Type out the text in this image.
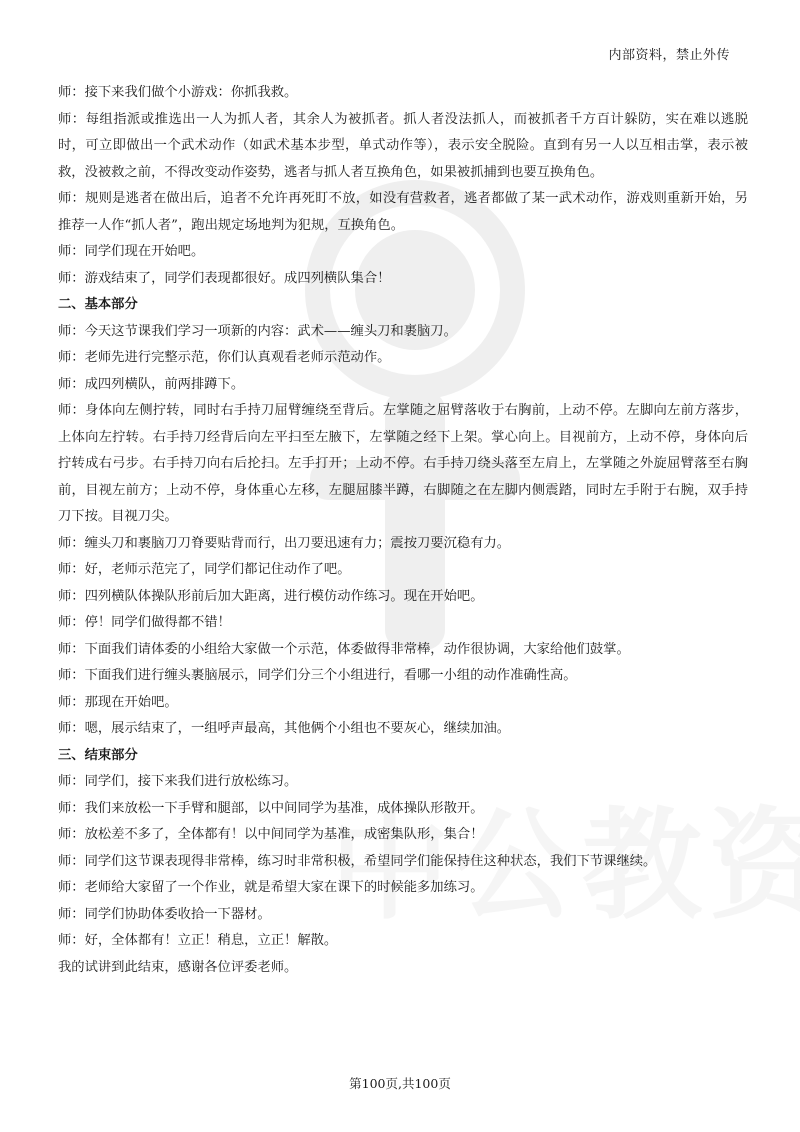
内部资料，禁止外传

师：接下来我们做个小游戏：你抓我救。

师：每组指派或推选出一人为抓人者，其余人为被抓者。抓人者没法抓人，而被抓者千方百计躲防，实在难以逃脱时，可立即做出一个武术动作（如武术基本步型，单式动作等），表示安全脱险。直到有另一人以互相击掌，表示被救，没被救之前，不得改变动作姿势，逃者与抓人者互换角色，如果被抓捕到也要互换角色。

师：规则是逃者在做出后，追者不允许再死盯不放，如没有营救者，逃者都做了某一武术动作，游戏则重新开始，另推荐一人作“抓人者”，跑出规定场地判为犯规，互换角色。

师：同学们现在开始吧。

师：游戏结束了，同学们表现都很好。成四列横队集合！

二、基本部分

师：今天这节课我们学习一项新的内容：武术——缠头刀和裹脑刀。

师：老师先进行完整示范，你们认真观看老师示范动作。

师：成四列横队，前两排蹲下。

师：身体向左侧拧转，同时右手持刀屈臂缠绕至背后。左掌随之屈臂落收于右胸前，上动不停。左脚向左前方落步，上体向左拧转。右手持刀经背后向左平扫至左腋下，左掌随之经下上架。掌心向上。目视前方，上动不停，身体向后拧转成右弓步。右手持刀向右后抡扫。左手打开；上动不停。右手持刀绕头落至左肩上，左掌随之外旋屈臂落至右胸前，目视左前方；上动不停，身体重心左移，左腿屈膝半蹲，右脚随之在左脚内侧震踏，同时左手附于右腕，双手持刀下按。目视刀尖。

师：缠头刀和裹脑刀刀脊要贴背而行，出刀要迅速有力；震按刀要沉稳有力。

师：好，老师示范完了，同学们都记住动作了吧。

师：四列横队体操队形前后加大距离，进行模仿动作练习。现在开始吧。

师：停！同学们做得都不错！

师：下面我们请体委的小组给大家做一个示范，体委做得非常棒，动作很协调，大家给他们鼓掌。

师：下面我们进行缠头裹脑展示，同学们分三个小组进行，看哪一小组的动作准确性高。

师：那现在开始吧。

师：嗯，展示结束了，一组呼声最高，其他俩个小组也不要灰心，继续加油。

三、结束部分

师：同学们，接下来我们进行放松练习。

师：我们来放松一下手臂和腿部，以中间同学为基准，成体操队形散开。

师：放松差不多了，全体都有！以中间同学为基准，成密集队形，集合！

师：同学们这节课表现得非常棒，练习时非常积极，希望同学们能保持住这种状态，我们下节课继续。

师：老师给大家留了一个作业，就是希望大家在课下的时候能多加练习。

师：同学们协助体委收拾一下器材。

师：好，全体都有！立正！稍息，立正！解散。

我的试讲到此结束，感谢各位评委老师。

第100页,共100页
